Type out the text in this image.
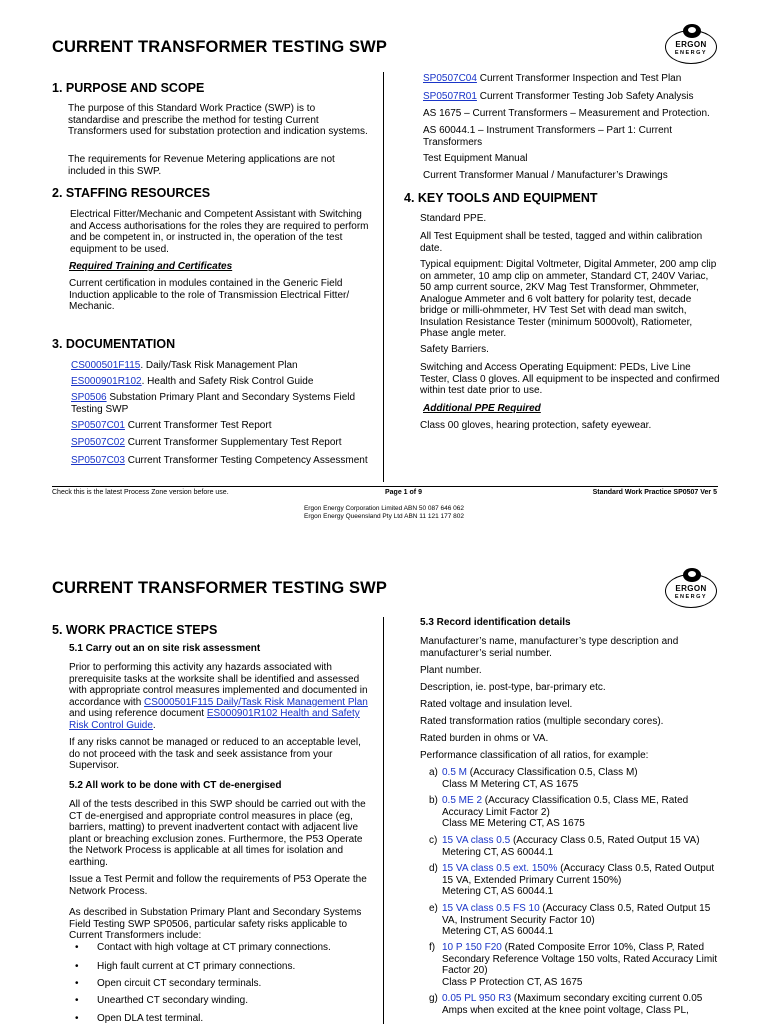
CURRENT TRANSFORMER TESTING SWP	ERGON
ENERGY
1. PURPOSE AND SCOPE
The purpose of this Standard Work Practice (SWP) is to standardise and prescribe the method for testing Current Transformers used for substation protection and indication systems.
The requirements for Revenue Metering applications are not included in this SWP.
2. STAFFING RESOURCES
Electrical Fitter/Mechanic and Competent Assistant with Switching and Access authorisations for the roles they are required to perform and be competent in, or instructed in, the operation of the test equipment to be used.
Required Training and Certificates
Current certification in modules contained in the Generic Field Induction applicable to the role of Transmission Electrical Fitter/ Mechanic.
3. DOCUMENTATION
CS000501F115. Daily/Task Risk Management Plan
ES000901R102. Health and Safety Risk Control Guide
SP0506 Substation Primary Plant and Secondary Systems Field Testing SWP
SP0507C01 Current Transformer Test Report
SP0507C02 Current Transformer Supplementary Test Report
SP0507C03 Current Transformer Testing Competency Assessment
SP0507C04 Current Transformer Inspection and Test Plan
SP0507R01 Current Transformer Testing Job Safety Analysis
AS 1675 – Current Transformers – Measurement and Protection.
AS 60044.1 – Instrument Transformers – Part 1: Current Transformers
Test Equipment Manual
Current Transformer Manual / Manufacturer’s Drawings
4. KEY TOOLS AND EQUIPMENT
Standard PPE.
All Test Equipment shall be tested, tagged and within calibration date.
Typical equipment: Digital Voltmeter, Digital Ammeter, 200 amp clip on ammeter, 10 amp clip on ammeter, Standard CT, 240V Variac, 50 amp current source, 2KV Mag Test Transformer, Ohmmeter, Analogue Ammeter and 6 volt battery for polarity test, decade bridge or milli-ohmmeter, HV Test Set with dead man switch, Insulation Resistance Tester (minimum 5000volt), Ratiometer, Phase angle meter.
Safety Barriers.
Switching and Access Operating Equipment: PEDs, Live Line Tester, Class 0 gloves. All equipment to be inspected and confirmed within test date prior to use.
Additional PPE Required
Class 00 gloves, hearing protection, safety eyewear.
Check this is the latest Process Zone version before use.	Page 1 of 9	Standard Work Practice SP0507 Ver 5
Ergon Energy Corporation Limited ABN 50 087 646 062
Ergon Energy Queensland Pty Ltd ABN 11 121 177 802
CURRENT TRANSFORMER TESTING SWP	ERGON
ENERGY
5. WORK PRACTICE STEPS
5.1 Carry out an on site risk assessment
Prior to performing this activity any hazards associated with prerequisite tasks at the worksite shall be identified and assessed with appropriate control measures implemented and documented in accordance with CS000501F115 Daily/Task Risk Management Plan and using reference document ES000901R102 Health and Safety Risk Control Guide.
If any risks cannot be managed or reduced to an acceptable level, do not proceed with the task and seek assistance from your Supervisor.
5.2 All work to be done with CT de-energised
All of the tests described in this SWP should be carried out with the CT de-energised and appropriate control measures in place (eg, barriers, matting) to prevent inadvertent contact with adjacent live plant or breaching exclusion zones. Furthermore, the P53 Operate the Network Process is applicable at all times for isolation and earthing.
Issue a Test Permit and follow the requirements of P53 Operate the Network Process.
As described in Substation Primary Plant and Secondary Systems Field Testing SWP SP0506, particular safety risks applicable to Current Transformers include:
• Contact with high voltage at CT primary connections.
• High fault current at CT primary connections.
• Open circuit CT secondary terminals.
• Unearthed CT secondary winding.
• Open DLA test terminal.
5.3 Record identification details
Manufacturer’s name, manufacturer’s type description and manufacturer’s serial number.
Plant number.
Description, ie. post-type, bar-primary etc.
Rated voltage and insulation level.
Rated transformation ratios (multiple secondary cores).
Rated burden in ohms or VA.
Performance classification of all ratios, for example:
a) 0.5 M (Accuracy Classification 0.5, Class M)
Class M Metering CT, AS 1675
b) 0.5 ME 2 (Accuracy Classification 0.5, Class ME, Rated Accuracy Limit Factor 2)
Class ME Metering CT, AS 1675
c) 15 VA class 0.5 (Accuracy Class 0.5, Rated Output 15 VA)
Metering CT, AS 60044.1
d) 15 VA class 0.5 ext. 150% (Accuracy Class 0.5, Rated Output 15 VA, Extended Primary Current 150%)
Metering CT, AS 60044.1
e) 15 VA class 0.5 FS 10 (Accuracy Class 0.5, Rated Output 15 VA, Instrument Security Factor 10)
Metering CT, AS 60044.1
f) 10 P 150 F20 (Rated Composite Error 10%, Class P, Rated Secondary Reference Voltage 150 volts, Rated Accuracy Limit Factor 20)
Class P Protection CT, AS 1675
g) 0.05 PL 950 R3 (Maximum secondary exciting current 0.05 Amps when excited at the knee point voltage, Class PL,
